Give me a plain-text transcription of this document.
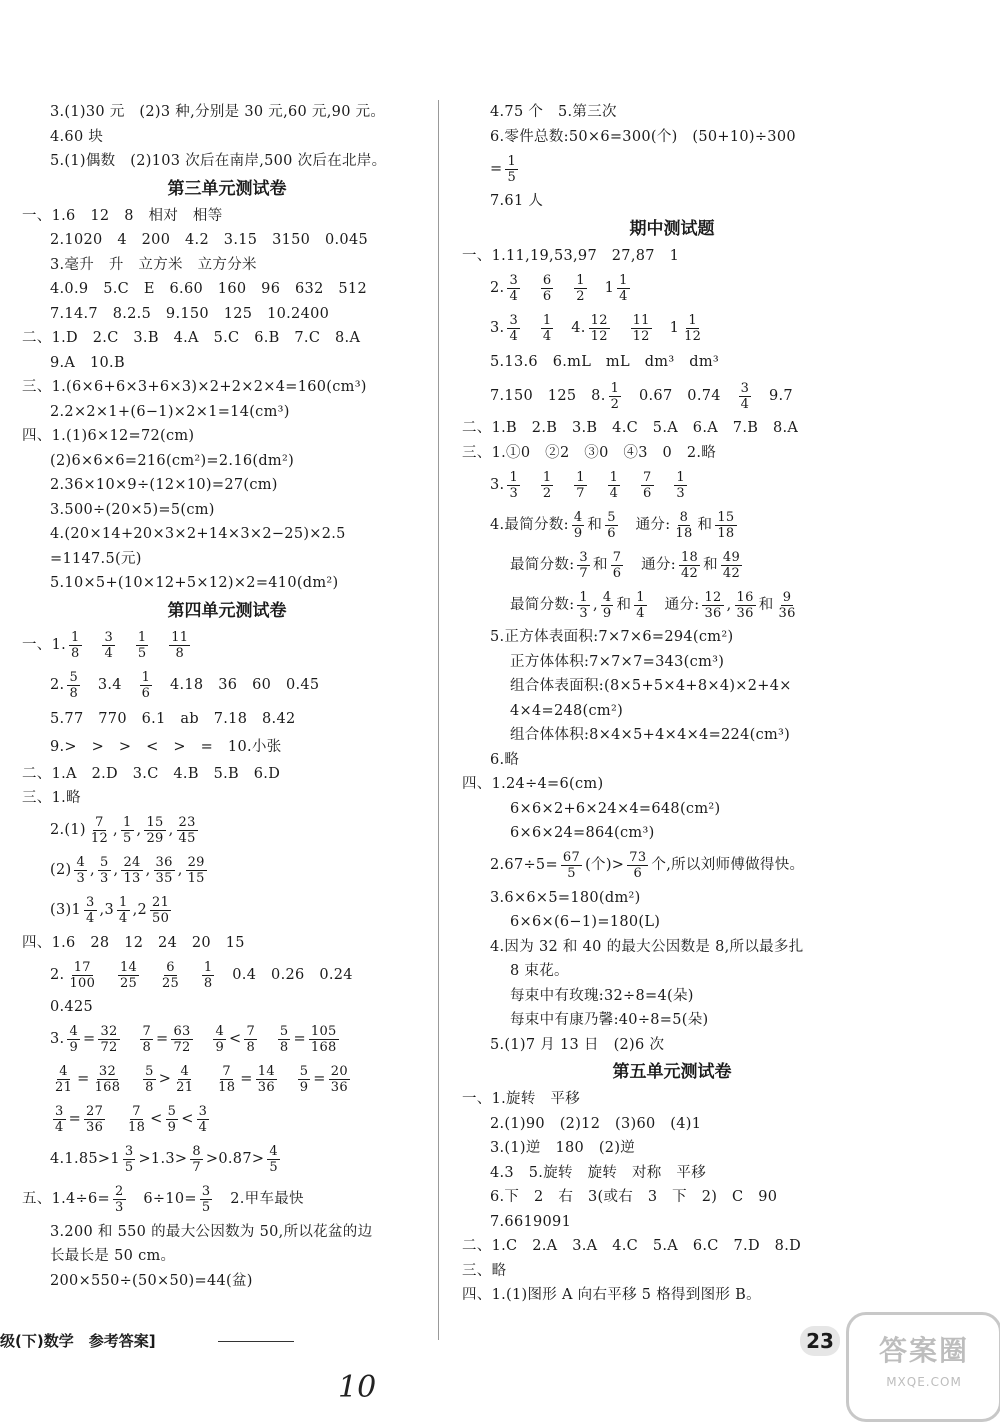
3.(1)30 元　(2)3 种,分别是 30 元,60 元,90 元。
4.60 块
5.(1)偶数　(2)103 次后在南岸,500 次后在北岸。
第三单元测试卷
一、1.6　12　8　相对　相等
2.1020　4　200　4.2　3.15　3150　0.045
3.毫升　升　立方米　立方分米
4.0.9　5.C　E　6.60　160　96　632　512
7.14.7　8.2.5　9.150　125　10.2400
二、1.D　2.C　3.B　4.A　5.C　6.B　7.C　8.A
9.A　10.B
三、1.(6×6+6×3+6×3)×2+2×2×4=160(cm³)
2.2×2×1+(6−1)×2×1=14(cm³)
四、1.(1)6×12=72(cm)
(2)6×6×6=216(cm²)=2.16(dm²)
2.36×10×9÷(12×10)=27(cm)
3.500÷(20×5)=5(cm)
4.(20×14+20×3×2+14×3×2−25)×2.5
=1147.5(元)
5.10×5+(10×12+5×12)×2=410(dm²)
第四单元测试卷
一、1. $\frac{1}{8}$
　 $\frac{3}{4}$
　 $\frac{1}{5}$
　 $\frac{11}{8}$
2. $\frac{5}{8}$ 　3.4　 $\frac{1}{6}$ 　4.18　36　60　0.45
5.77　770　6.1　ab　7.18　8.42
9.>　>　>　<　>　=　10.小张
二、1.A　2.D　3.C　4.B　5.B　6.D
三、1.略
$2.(1) \frac{7}{12}$ , $\frac{1}{5}$ , $\frac{15}{29}$ , $\frac{23}{45}$
$(2) \frac{4}{3}$ , $\frac{5}{3}$ , $\frac{24}{13}$ , $\frac{36}{35}$ , $\frac{29}{15}$
$(3)1 \frac{3}{4} ,3 \frac{1}{4} ,2 \frac{21}{50}$
四、1.6　28　12　24　20　15
2. $\frac{17}{100}$
　 $\frac{14}{25}$
　 $\frac{6}{25}$
　 $\frac{1}{8}$ 　0.4　0.26　0.24
0.425
3. $\frac{4}{9} = \frac{32}{72}$
　 $\frac{7}{8} = \frac{63}{72}$
　 $\frac{4}{9} < \frac{7}{8}$
　 $\frac{5}{8} = \frac{105}{168}$
$\frac{4}{21} = \frac{32}{168}$
　 $\frac{5}{8} > \frac{4}{21}$
　 $\frac{7}{18} = \frac{14}{36}$
　 $\frac{5}{9} = \frac{20}{36}$
$\frac{3}{4} = \frac{27}{36}$
　 $\frac{7}{18} < \frac{5}{9} < \frac{3}{4}$
$4.1.85>1 \frac{3}{5} >1.3> \frac{8}{7} >0.87> \frac{4}{5}$
五、$1.4\div 6= \frac{2}{3}$ 　$6\div 10= \frac{3}{5}$ 　2.甲车最快
3.200 和 550 的最大公因数为 50,所以花盆的边
长最长是 50 cm。
200×550÷(50×50)=44(盆)
4.75 个　5.第三次
6.零件总数:50×6=300(个)　(50+10)÷300
= $\frac{1}{5}$
7.61 人
期中测试题
一、1.11,19,53,97　27,87　1
2. $\frac{3}{4}$
　 $\frac{6}{6}$
　 $\frac{1}{2}$ 　$1 \frac{1}{4}$
3. $\frac{3}{4}$
　 $\frac{1}{4}$ 　4. $\frac{12}{12}$
　 $\frac{11}{12}$ 　$1 \frac{1}{12}$
5.13.6　6.mL　mL　dm³　dm³
7.150　125　8. $\frac{1}{2}$ 　0.67　0.74　 $\frac{3}{4}$ 　9.7
二、1.B　2.B　3.B　4.C　5.A　6.A　7.B　8.A
三、1.①0　②2　③0　④3　0　2.略
3. $\frac{1}{3}$
　 $\frac{1}{2}$
　 $\frac{1}{7}$
　 $\frac{1}{4}$
　 $\frac{7}{6}$
　 $\frac{1}{3}$
4.最简分数: $\frac{4}{9}$ 和 $\frac{5}{6}$ 　通分: $\frac{8}{18}$ 和 $\frac{15}{18}$
最简分数: $\frac{3}{7}$ 和 $\frac{7}{6}$ 　通分: $\frac{18}{42}$ 和 $\frac{49}{42}$
最简分数: $\frac{1}{3}$ , $\frac{4}{9}$ 和 $\frac{1}{4}$ 　通分: $\frac{12}{36}$ , $\frac{16}{36}$ 和 $\frac{9}{36}$
5.正方体表面积:7×7×6=294(cm²)
正方体体积:7×7×7=343(cm³)
组合体表面积:(8×5+5×4+8×4)×2+4×
4×4=248(cm²)
组合体体积:8×4×5+4×4×4=224(cm³)
6.略
四、1.24÷4=6(cm)
6×6×2+6×24×4=648(cm²)
6×6×24=864(cm³)
$2.67\div 5= \frac{67}{5}$ (个)> $\frac{73}{6}$ 个,所以刘师傅做得快。
3.6×6×5=180(dm²)
6×6×(6−1)=180(L)
4.因为 32 和 40 的最大公因数是 8,所以最多扎
8 束花。
每束中有玫瑰:32÷8=4(朵)
每束中有康乃馨:40÷8=5(朵)
5.(1)7 月 13 日　(2)6 次
第五单元测试卷
一、1.旋转　平移
2.(1)90　(2)12　(3)60　(4)1
3.(1)逆　180　(2)逆
4.3　5.旋转　旋转　对称　平移
6.下　2　右　3(或右　3　下　2)　C　90
7.6619091
二、1.C　2.A　3.A　4.C　5.A　6.C　7.D　8.D
三、略
四、1.(1)图形 A 向右平移 5 格得到图形 B。
级(下)数学　参考答案]	23
10
答案圈
MXQE.COM
